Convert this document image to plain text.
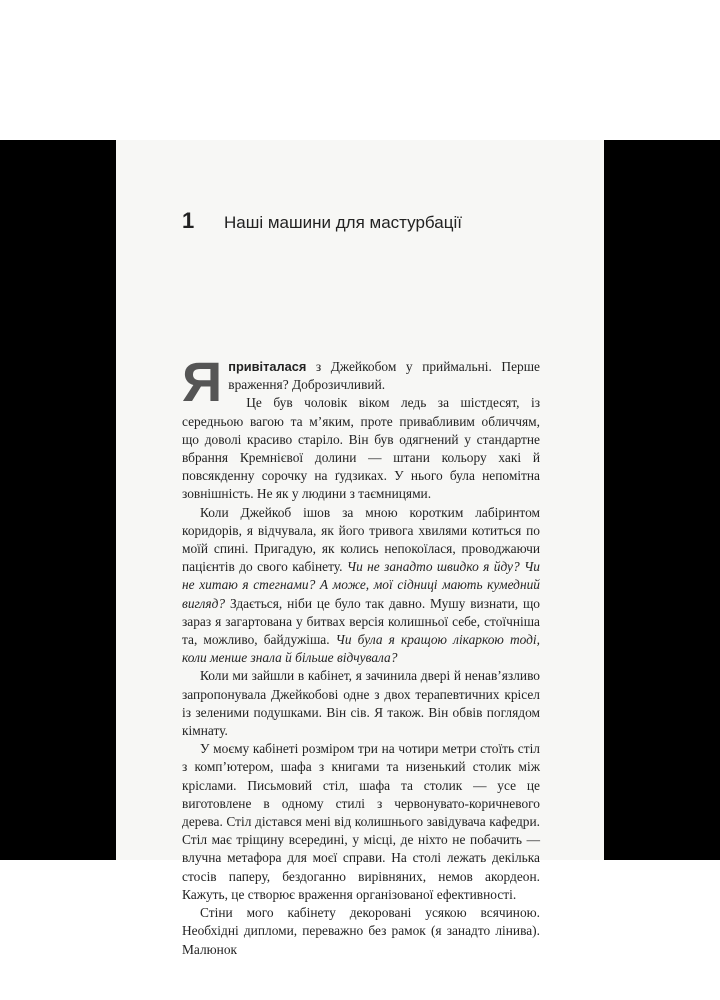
1	Наші машини для мастурбації

Я привіталася з Джейкобом у приймальні. Перше враження? Доброзичливий.

Це був чоловік віком ледь за шістдесят, із середньою вагою та м’яким, проте привабливим обличчям, що доволі красиво старіло. Він був одягнений у стандартне вбрання Кремнієвої долини — штани кольору хакі й повсякденну сорочку на ґудзиках. У нього була непомітна зовнішність. Не як у людини з таємницями.

Коли Джейкоб ішов за мною коротким лабіринтом коридорів, я відчувала, як його тривога хвилями котиться по моїй спині. Пригадую, як колись непокоїлася, проводжаючи пацієнтів до свого кабінету. Чи не занадто швидко я йду? Чи не хитаю я стегнами? А може, мої сідниці мають кумедний вигляд? Здається, ніби це було так давно. Мушу визнати, що зараз я загартована у битвах версія колишньої себе, стоїчніша та, можливо, байдужіша. Чи була я кращою лікаркою тоді, коли менше знала й більше відчувала?

Коли ми зайшли в кабінет, я зачинила двері й ненав’язливо запропонувала Джейкобові одне з двох терапевтичних крісел із зеленими подушками. Він сів. Я також. Він обвів поглядом кімнату.

У моєму кабінеті розміром три на чотири метри стоїть стіл з комп’ютером, шафа з книгами та низенький столик між кріслами. Письмовий стіл, шафа та столик — усе це виготовлене в одному стилі з червонувато-коричневого дерева. Стіл дістався мені від колишнього завідувача кафедри. Стіл має тріщину всередині, у місці, де ніхто не побачить — влучна метафора для моєї справи. На столі лежать декілька стосів паперу, бездоганно вирівняних, немов акордеон. Кажуть, це створює враження організованої ефективності.

Стіни мого кабінету декоровані усякою всячиною. Необхідні дипломи, переважно без рамок (я занадто лінива). Малюнок
